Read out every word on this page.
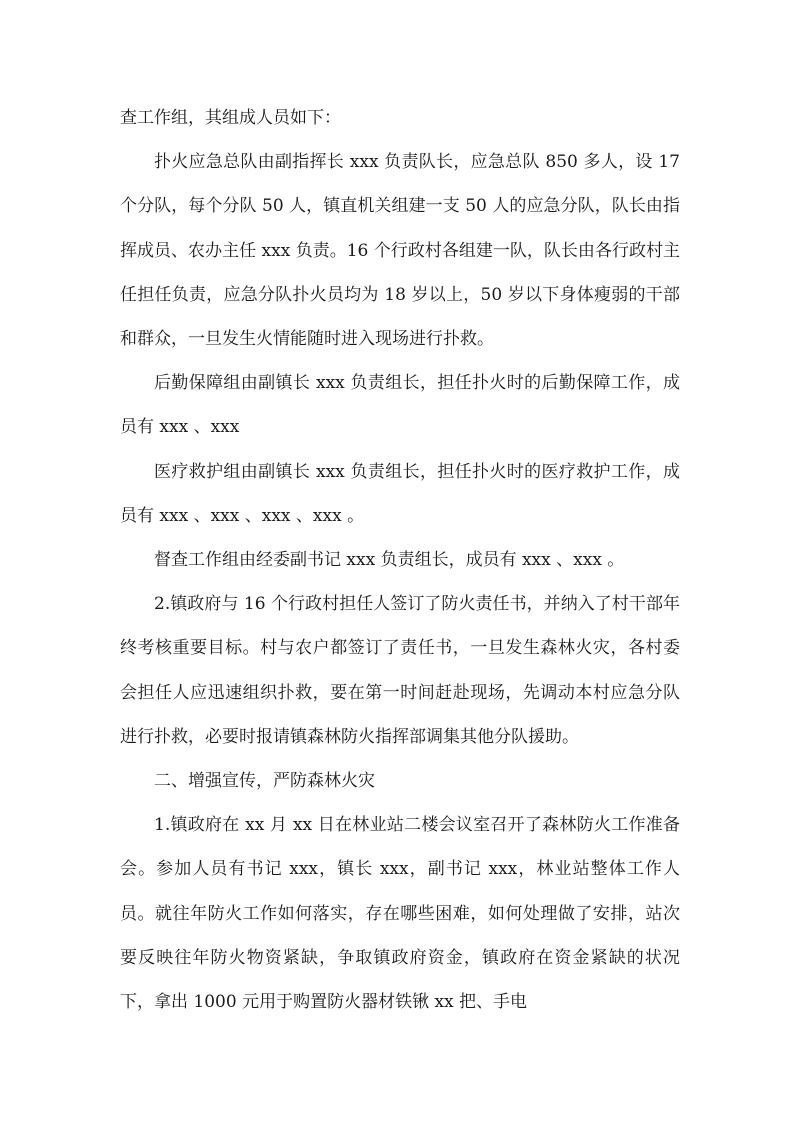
查工作组，其组成人员如下：

扑火应急总队由副指挥长 xxx 负责队长，应急总队 850 多人，设 17 个分队，每个分队 50 人，镇直机关组建一支 50 人的应急分队，队长由指挥成员、农办主任 xxx 负责。16 个行政村各组建一队，队长由各行政村主任担任负责，应急分队扑火员均为 18 岁以上，50 岁以下身体瘦弱的干部和群众，一旦发生火情能随时进入现场进行扑救。

后勤保障组由副镇长 xxx 负责组长，担任扑火时的后勤保障工作，成员有 xxx 、xxx

医疗救护组由副镇长 xxx 负责组长，担任扑火时的医疗救护工作，成员有 xxx 、xxx 、xxx 、xxx 。

督查工作组由经委副书记 xxx 负责组长，成员有 xxx 、xxx 。

2.镇政府与 16 个行政村担任人签订了防火责任书，并纳入了村干部年终考核重要目标。村与农户都签订了责任书，一旦发生森林火灾，各村委会担任人应迅速组织扑救，要在第一时间赶赴现场，先调动本村应急分队进行扑救，必要时报请镇森林防火指挥部调集其他分队援助。

二、增强宣传，严防森林火灾

1.镇政府在 xx 月 xx 日在林业站二楼会议室召开了森林防火工作准备会。参加人员有书记 xxx，镇长 xxx，副书记 xxx，林业站整体工作人员。就往年防火工作如何落实，存在哪些困难，如何处理做了安排，站次要反映往年防火物资紧缺，争取镇政府资金，镇政府在资金紧缺的状况下，拿出 1000 元用于购置防火器材铁锹 xx 把、手电
